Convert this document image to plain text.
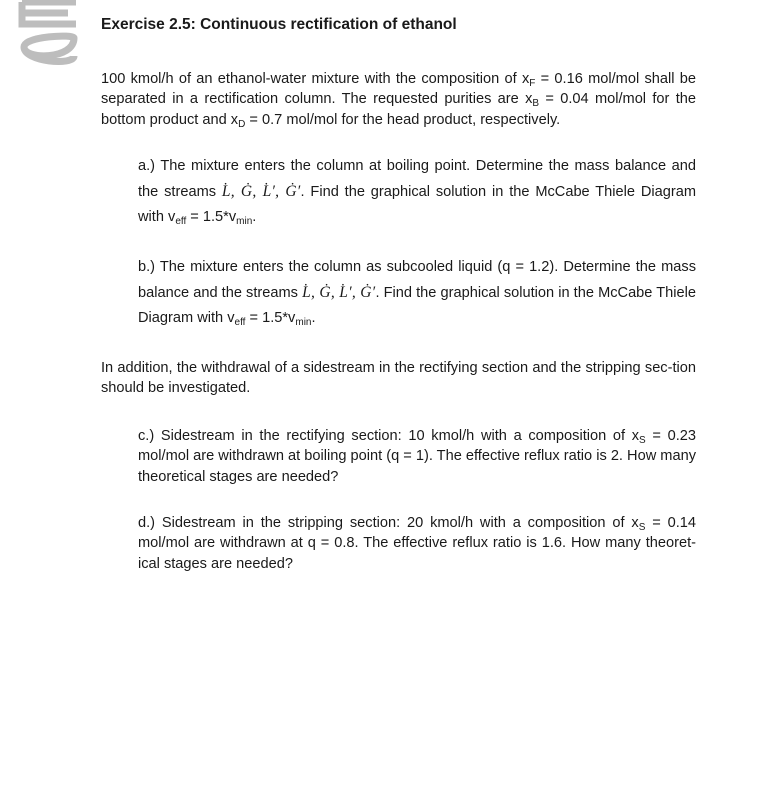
Exercise 2.5: Continuous rectification of ethanol

100 kmol/h of an ethanol-water mixture with the composition of $x_F = 0.16$ mol/mol shall be separated in a rectification column. The requested purities are $x_B = 0.04$ mol/mol for the bottom product and $x_D = 0.7$ mol/mol for the head product, respectively.

a.) The mixture enters the column at boiling point. Determine the mass balance and the streams L̇, Ġ, L̇′, Ġ′. Find the graphical solution in the McCabe Thiele Diagram with $v_{eff} = 1.5*v_{min}$.

b.) The mixture enters the column as subcooled liquid (q = 1.2). Determine the mass balance and the streams L̇, Ġ, L̇′, Ġ′. Find the graphical solution in the McCabe Thiele Diagram with $v_{eff} = 1.5*v_{min}$.

In addition, the withdrawal of a sidestream in the rectifying section and the stripping sec-tion should be investigated.

c.) Sidestream in the rectifying section: 10 kmol/h with a composition of $x_S = 0.23$ mol/mol are withdrawn at boiling point (q = 1). The effective reflux ratio is 2. How many theoretical stages are needed?

d.) Sidestream in the stripping section: 20 kmol/h with a composition of $x_S = 0.14$ mol/mol are withdrawn at q = 0.8. The effective reflux ratio is 1.6. How many theoret-ical stages are needed?
